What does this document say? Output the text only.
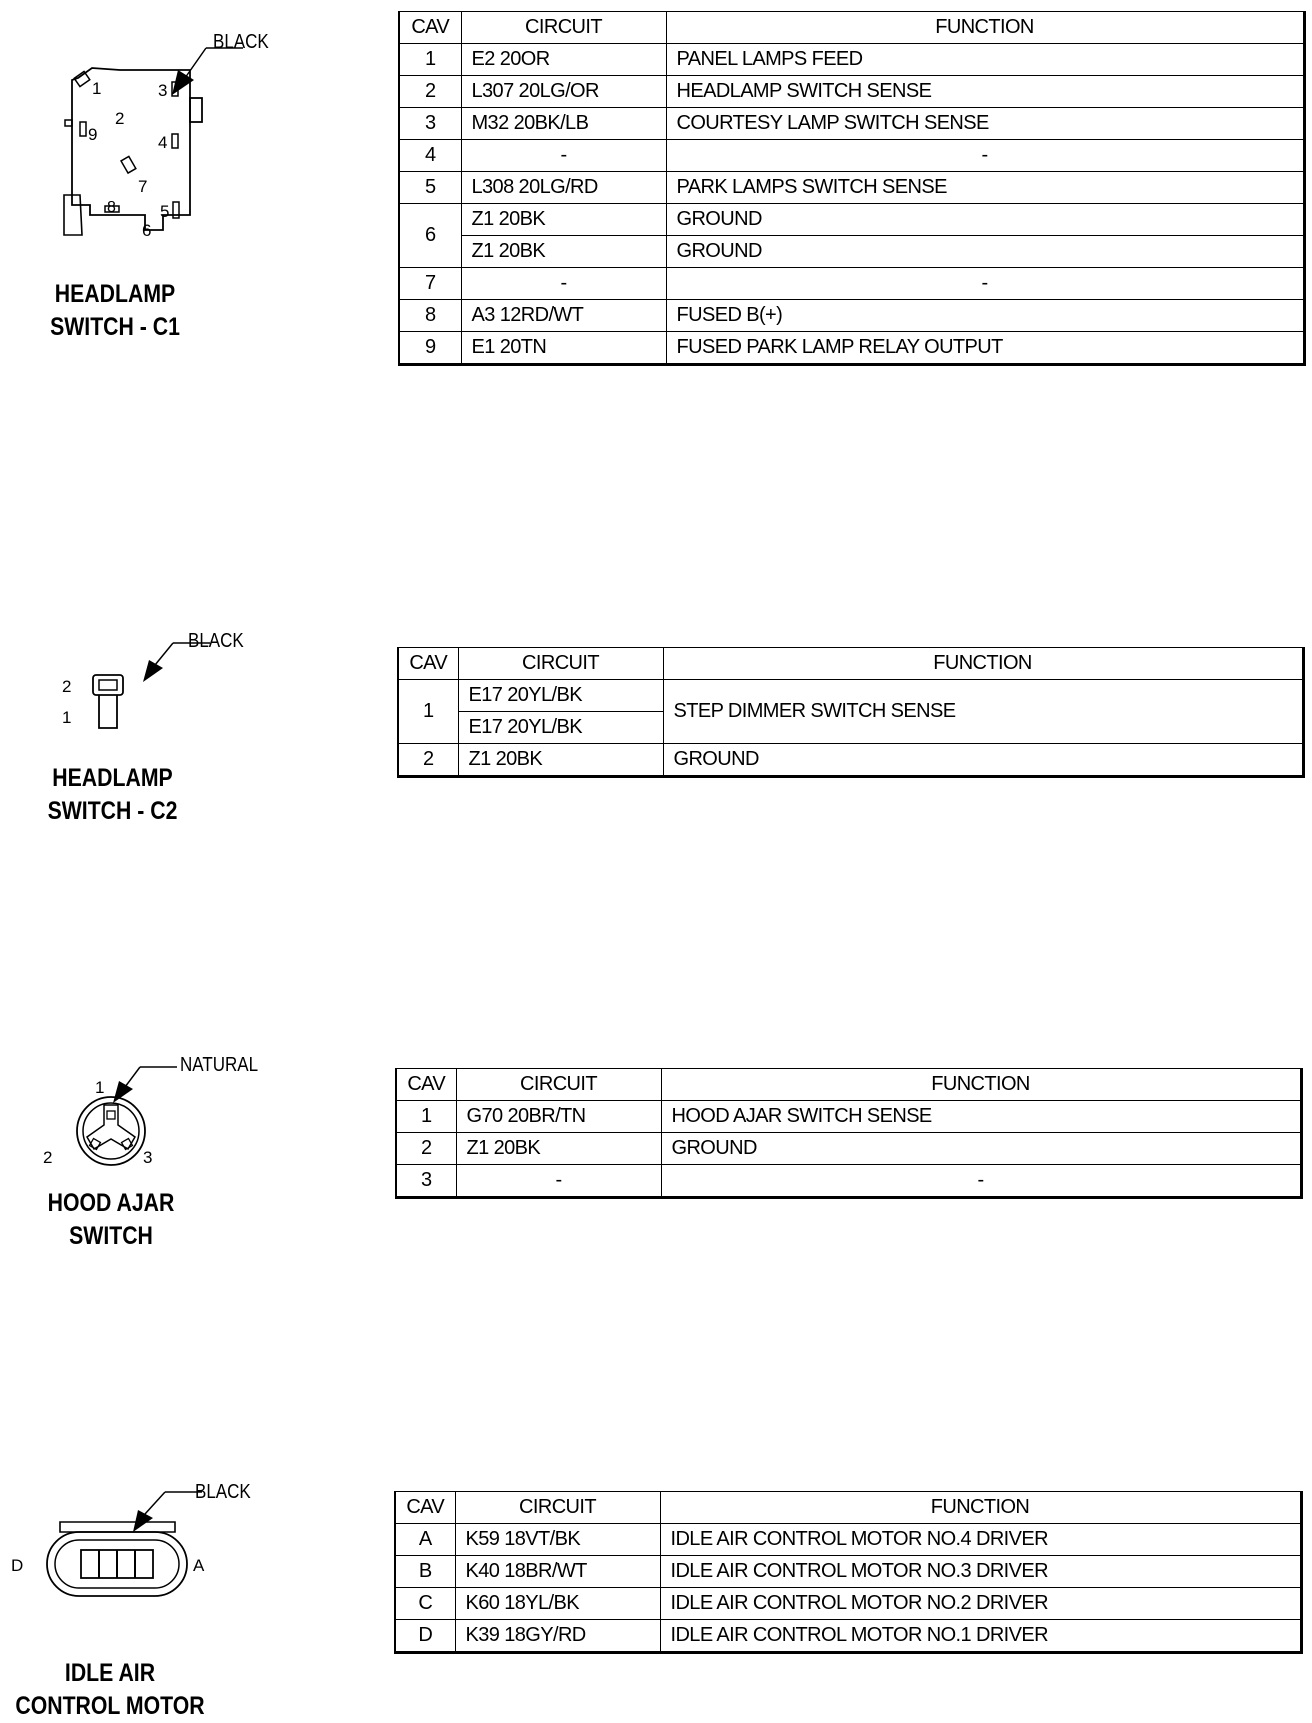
1
2
3
4
5
6
7
8
9
BLACK
HEADLAMP
SWITCH - C1
CAV	CIRCUIT	FUNCTION
1	E2 20OR	PANEL LAMPS FEED
2	L307 20LG/OR	HEADLAMP SWITCH SENSE
3	M32 20BK/LB	COURTESY LAMP SWITCH SENSE
4	-	-
5	L308 20LG/RD	PARK LAMPS SWITCH SENSE
6	Z1 20BK	GROUND
	Z1 20BK	GROUND
7	-	-
8	A3 12RD/WT	FUSED B(+)
9	E1 20TN	FUSED PARK LAMP RELAY OUTPUT
2
1
BLACK
HEADLAMP
SWITCH - C2
CAV	CIRCUIT	FUNCTION
1	E17 20YL/BK	STEP DIMMER SWITCH SENSE
	E17 20YL/BK	
2	Z1 20BK	GROUND
1
2	3
NATURAL
HOOD AJAR
SWITCH
CAV	CIRCUIT	FUNCTION
1	G70 20BR/TN	HOOD AJAR SWITCH SENSE
2	Z1 20BK	GROUND
3	-	-
D	A
BLACK
IDLE AIR
CONTROL MOTOR
CAV	CIRCUIT	FUNCTION
A	K59 18VT/BK	IDLE AIR CONTROL MOTOR NO.4 DRIVER
B	K40 18BR/WT	IDLE AIR CONTROL MOTOR NO.3 DRIVER
C	K60 18YL/BK	IDLE AIR CONTROL MOTOR NO.2 DRIVER
D	K39 18GY/RD	IDLE AIR CONTROL MOTOR NO.1 DRIVER
